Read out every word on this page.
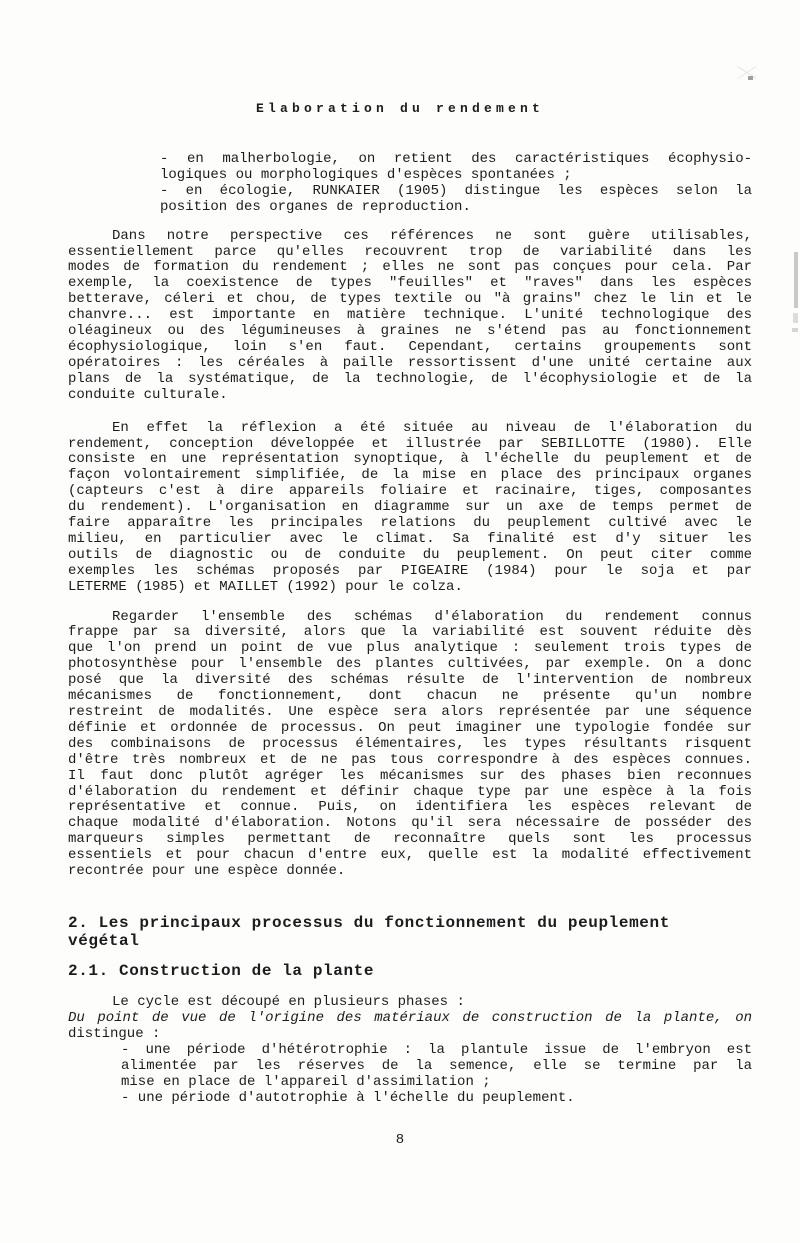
Elaboration du rendement
- en malherbologie, on retient des caractéristiques écophysio-
logiques ou morphologiques d'espèces spontanées ;
- en écologie, RUNKAIER (1905) distingue les espèces selon la
position des organes de reproduction.
Dans notre perspective ces références ne sont guère utilisables,
essentiellement parce qu'elles recouvrent trop de variabilité dans les
modes de formation du rendement ; elles ne sont pas conçues pour cela. Par
exemple, la coexistence de types "feuilles" et "raves" dans les espèces
betterave, céleri et chou, de types textile ou "à grains" chez le lin et le
chanvre... est importante en matière technique. L'unité technologique des
oléagineux ou des légumineuses à graines ne s'étend pas au fonctionnement
écophysiologique, loin s'en faut. Cependant, certains groupements sont
opératoires : les céréales à paille ressortissent d'une unité certaine aux
plans de la systématique, de la technologie, de l'écophysiologie et de la
conduite culturale.
En effet la réflexion a été située au niveau de l'élaboration du
rendement, conception développée et illustrée par SEBILLOTTE (1980). Elle
consiste en une représentation synoptique, à l'échelle du peuplement et de
façon volontairement simplifiée, de la mise en place des principaux organes
(capteurs c'est à dire appareils foliaire et racinaire, tiges, composantes
du rendement). L'organisation en diagramme sur un axe de temps permet de
faire apparaître les principales relations du peuplement cultivé avec le
milieu, en particulier avec le climat. Sa finalité est d'y situer les
outils de diagnostic ou de conduite du peuplement. On peut citer comme
exemples les schémas proposés par PIGEAIRE (1984) pour le soja et par
LETERME (1985) et MAILLET (1992) pour le colza.
Regarder l'ensemble des schémas d'élaboration du rendement connus
frappe par sa diversité, alors que la variabilité est souvent réduite dès
que l'on prend un point de vue plus analytique : seulement trois types de
photosynthèse pour l'ensemble des plantes cultivées, par exemple. On a donc
posé que la diversité des schémas résulte de l'intervention de nombreux
mécanismes de fonctionnement, dont chacun ne présente qu'un nombre
restreint de modalités. Une espèce sera alors représentée par une séquence
définie et ordonnée de processus. On peut imaginer une typologie fondée sur
des combinaisons de processus élémentaires, les types résultants risquent
d'être très nombreux et de ne pas tous correspondre à des espèces connues.
Il faut donc plutôt agréger les mécanismes sur des phases bien reconnues
d'élaboration du rendement et définir chaque type par une espèce à la fois
représentative et connue. Puis, on identifiera les espèces relevant de
chaque modalité d'élaboration. Notons qu'il sera nécessaire de posséder des
marqueurs simples permettant de reconnaître quels sont les processus
essentiels et pour chacun d'entre eux, quelle est la modalité effectivement
recontrée pour une espèce donnée.
2. Les principaux processus du fonctionnement du peuplement
végétal
2.1. Construction de la plante
Le cycle est découpé en plusieurs phases :
Du point de vue de l'origine des matériaux de construction de la plante, on
distingue :
- une période d'hétérotrophie : la plantule issue de l'embryon est
alimentée par les réserves de la semence, elle se termine par la
mise en place de l'appareil d'assimilation ;
- une période d'autotrophie à l'échelle du peuplement.
8
